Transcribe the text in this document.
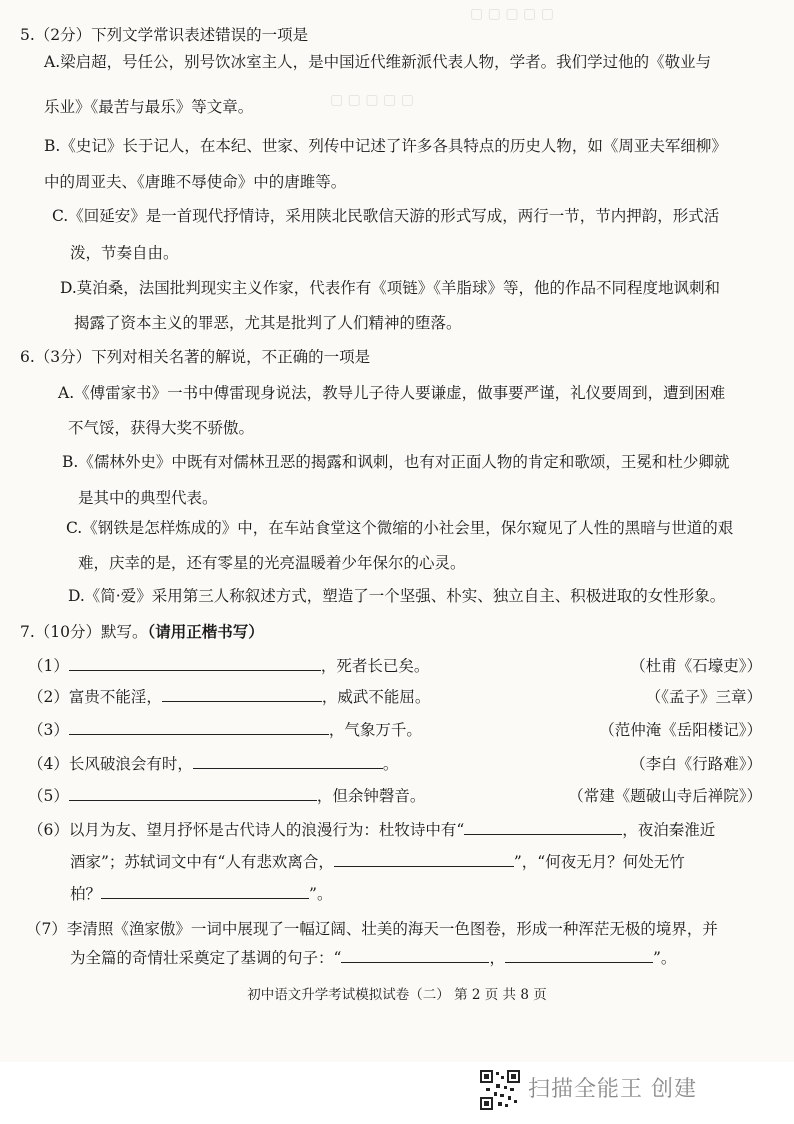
▢ ▢ ▢ ▢ ▢
▢ ▢ ▢ ▢ ▢
5.（2分）下列文学常识表述错误的一项是
A.梁启超，号任公，别号饮冰室主人，是中国近代维新派代表人物，学者。我们学过他的《敬业与
乐业》《最苦与最乐》等文章。
B.《史记》长于记人，在本纪、世家、列传中记述了许多各具特点的历史人物，如《周亚夫军细柳》
中的周亚夫、《唐雎不辱使命》中的唐雎等。
C.《回延安》是一首现代抒情诗，采用陕北民歌信天游的形式写成，两行一节，节内押韵，形式活
泼，节奏自由。
D.莫泊桑，法国批判现实主义作家，代表作有《项链》《羊脂球》等，他的作品不同程度地讽刺和
揭露了资本主义的罪恶，尤其是批判了人们精神的堕落。
6.（3分）下列对相关名著的解说，不正确的一项是
A.《傅雷家书》一书中傅雷现身说法，教导儿子待人要谦虚，做事要严谨，礼仪要周到，遭到困难
不气馁，获得大奖不骄傲。
B.《儒林外史》中既有对儒林丑恶的揭露和讽刺，也有对正面人物的肯定和歌颂，王冕和杜少卿就
是其中的典型代表。
C.《钢铁是怎样炼成的》中，在车站食堂这个微缩的小社会里，保尔窥见了人性的黑暗与世道的艰
难，庆幸的是，还有零星的光亮温暖着少年保尔的心灵。
D.《简·爱》采用第三人称叙述方式，塑造了一个坚强、朴实、独立自主、积极进取的女性形象。
7.（10分）默写。（请用正楷书写）
（1）	，死者长已矣。	（杜甫《石壕吏》）
（2）富贵不能淫，	，威武不能屈。	（《孟子》三章）
（3）	，气象万千。	（范仲淹《岳阳楼记》）
（4）长风破浪会有时，	。	（李白《行路难》）
（5）	，但余钟磬音。	（常建《题破山寺后禅院》）
（6）以月为友、望月抒怀是古代诗人的浪漫行为：杜牧诗中有“	，夜泊秦淮近
酒家”；苏轼词文中有“人有悲欢离合，	”，“何夜无月？何处无竹
柏？	”。
（7）李清照《渔家傲》一词中展现了一幅辽阔、壮美的海天一色图卷，形成一种浑茫无极的境界，并
为全篇的奇情壮采奠定了基调的句子：“	，	”。
初中语文升学考试模拟试卷（二） 第 2 页 共 8 页
扫描全能王 创建
